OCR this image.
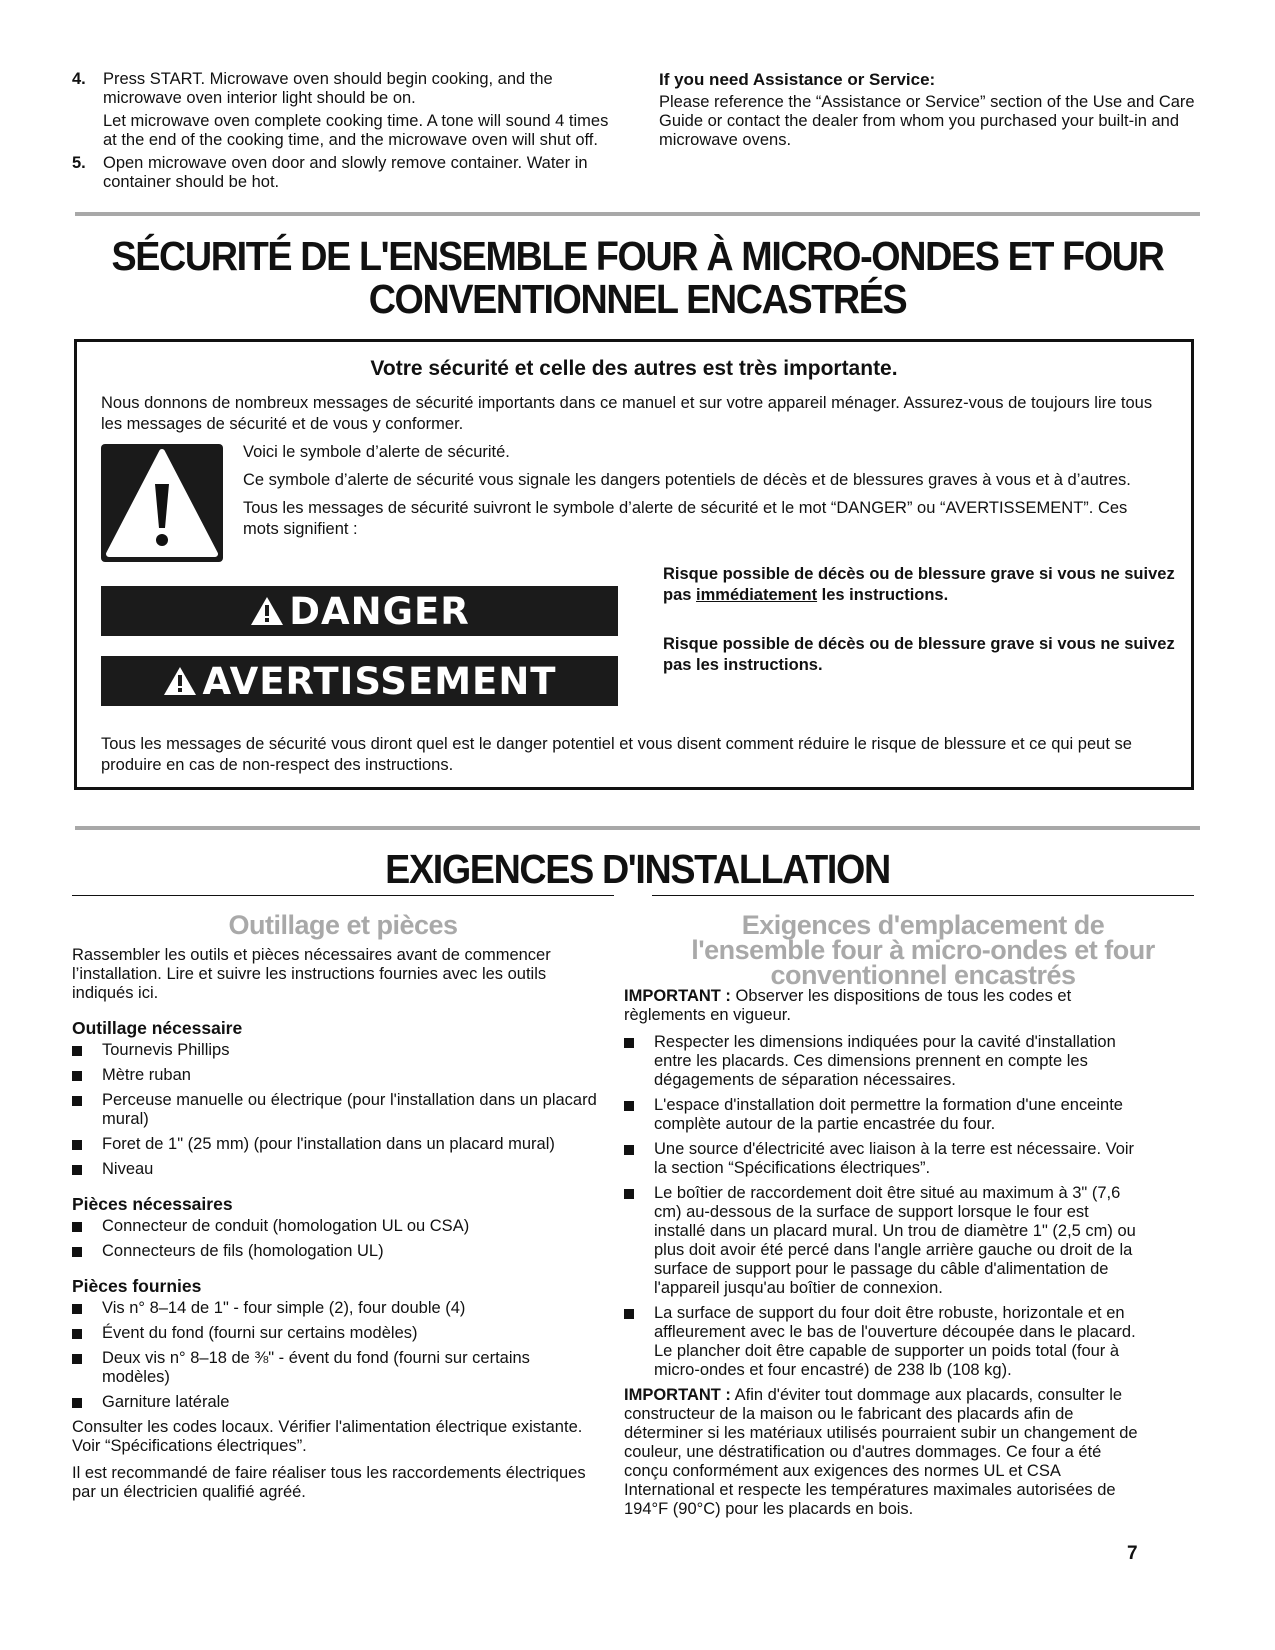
4. Press START. Microwave oven should begin cooking, and the microwave oven interior light should be on.

Let microwave oven complete cooking time. A tone will sound 4 times at the end of the cooking time, and the microwave oven will shut off.

5. Open microwave oven door and slowly remove container. Water in container should be hot.

If you need Assistance or Service:

Please reference the “Assistance or Service” section of the Use and Care Guide or contact the dealer from whom you purchased your built-in and microwave ovens.

SÉCURITÉ DE L'ENSEMBLE FOUR À MICRO-ONDES ET FOUR
CONVENTIONNEL ENCASTRÉS
Votre sécurité et celle des autres est très importante.

Nous donnons de nombreux messages de sécurité importants dans ce manuel et sur votre appareil ménager. Assurez-vous de toujours lire tous les messages de sécurité et de vous y conformer.

Voici le symbole d’alerte de sécurité.

Ce symbole d’alerte de sécurité vous signale les dangers potentiels de décès et de blessures graves à vous et à d’autres.

Tous les messages de sécurité suivront le symbole d’alerte de sécurité et le mot “DANGER” ou “AVERTISSEMENT”. Ces mots signifient :

DANGER

Risque possible de décès ou de blessure grave si vous ne suivez pas immédiatement les instructions.

AVERTISSEMENT

Risque possible de décès ou de blessure grave si vous ne suivez pas les instructions.

Tous les messages de sécurité vous diront quel est le danger potentiel et vous disent comment réduire le risque de blessure et ce qui peut se produire en cas de non-respect des instructions.

EXIGENCES D'INSTALLATION
Outillage et pièces	Exigences d'emplacement de
l'ensemble four à micro-ondes et four
conventionnel encastrés

Rassembler les outils et pièces nécessaires avant de commencer l’installation. Lire et suivre les instructions fournies avec les outils indiqués ici.

Outillage nécessaire
Tournevis Phillips
Mètre ruban
Perceuse manuelle ou électrique (pour l'installation dans un placard mural)
Foret de 1" (25 mm) (pour l'installation dans un placard mural)
Niveau
Pièces nécessaires
Connecteur de conduit (homologation UL ou CSA)
Connecteurs de fils (homologation UL)
Pièces fournies
Vis n° 8–14 de 1" - four simple (2), four double (4)
Évent du fond (fourni sur certains modèles)
Deux vis n° 8–18 de ⅜" - évent du fond (fourni sur certains modèles)
Garniture latérale

Consulter les codes locaux. Vérifier l'alimentation électrique existante. Voir “Spécifications électriques”.

Il est recommandé de faire réaliser tous les raccordements électriques par un électricien qualifié agréé.

IMPORTANT : Observer les dispositions de tous les codes et règlements en vigueur.

Respecter les dimensions indiquées pour la cavité d'installation entre les placards. Ces dimensions prennent en compte les dégagements de séparation nécessaires.
L'espace d'installation doit permettre la formation d'une enceinte complète autour de la partie encastrée du four.
Une source d'électricité avec liaison à la terre est nécessaire. Voir la section “Spécifications électriques”.
Le boîtier de raccordement doit être situé au maximum à 3" (7,6 cm) au-dessous de la surface de support lorsque le four est installé dans un placard mural. Un trou de diamètre 1" (2,5 cm) ou plus doit avoir été percé dans l'angle arrière gauche ou droit de la surface de support pour le passage du câble d'alimentation de l'appareil jusqu'au boîtier de connexion.
La surface de support du four doit être robuste, horizontale et en affleurement avec le bas de l'ouverture découpée dans le placard. Le plancher doit être capable de supporter un poids total (four à micro-ondes et four encastré) de 238 lb (108 kg).

IMPORTANT : Afin d'éviter tout dommage aux placards, consulter le constructeur de la maison ou le fabricant des placards afin de déterminer si les matériaux utilisés pourraient subir un changement de couleur, une déstratification ou d'autres dommages. Ce four a été conçu conformément aux exigences des normes UL et CSA International et respecte les températures maximales autorisées de 194°F (90°C) pour les placards en bois.

7
